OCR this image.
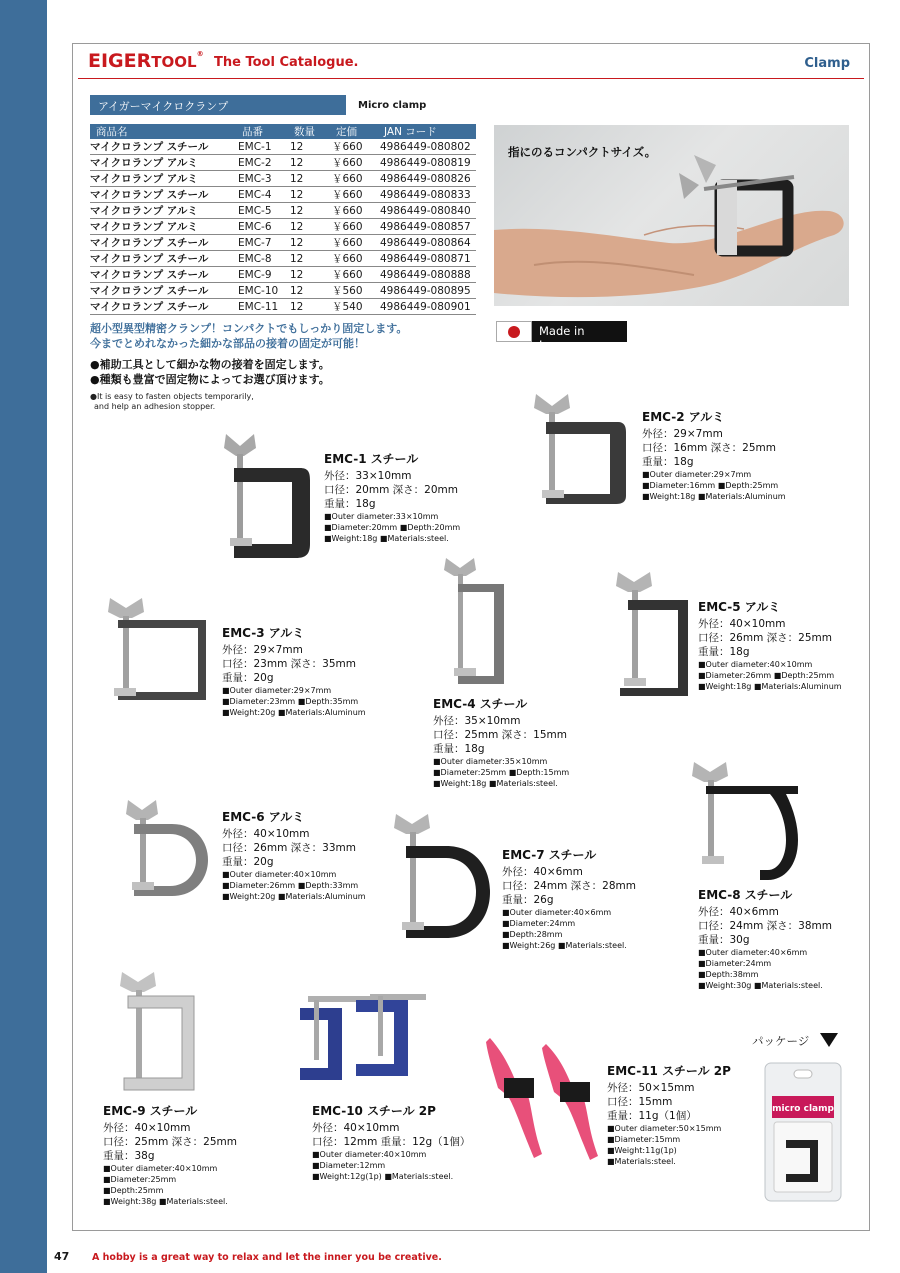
EIGERTOOL®
The Tool Catalogue.	Clamp
アイガーマイクロクランプ	Micro clamp
商品名	品番	数量	定価	JAN コード
マイクロランプ スチール	EMC-1	12	￥660	4986449-080802
マイクロランプ アルミ	EMC-2	12	￥660	4986449-080819
マイクロランプ アルミ	EMC-3	12	￥660	4986449-080826
マイクロランプ スチール	EMC-4	12	￥660	4986449-080833
マイクロランプ アルミ	EMC-5	12	￥660	4986449-080840
マイクロランプ アルミ	EMC-6	12	￥660	4986449-080857
マイクロランプ スチール	EMC-7	12	￥660	4986449-080864
マイクロランプ スチール	EMC-8	12	￥660	4986449-080871
マイクロランプ スチール	EMC-9	12	￥660	4986449-080888
マイクロランプ スチール	EMC-10	12	￥560	4986449-080895
マイクロランプ スチール	EMC-11	12	￥540	4986449-080901
指にのるコンパクトサイズ。
超小型異型精密クランプ！コンパクトでもしっかり固定します。
今までとめれなかった細かな部品の接着の固定が可能！
●補助工具として細かな物の接着を固定します。
●種類も豊富で固定物によってお選び頂けます。
●It is easy to fasten objects temporarily,
and help an adhesion stopper.
Made in Japan.
EMC-1 スチール
外径：33×10mm
口径：20mm 深さ：20mm
重量：18g
■Outer diameter:33×10mm
■Diameter:20mm ■Depth:20mm
■Weight:18g ■Materials:steel.
EMC-2 アルミ
外径：29×7mm
口径：16mm 深さ：25mm
重量：18g
■Outer diameter:29×7mm
■Diameter:16mm ■Depth:25mm
■Weight:18g ■Materials:Aluminum
EMC-3 アルミ
外径：29×7mm
口径：23mm 深さ：35mm
重量：20g
■Outer diameter:29×7mm
■Diameter:23mm ■Depth:35mm
■Weight:20g ■Materials:Aluminum
EMC-4 スチール
外径：35×10mm
口径：25mm 深さ：15mm
重量：18g
■Outer diameter:35×10mm
■Diameter:25mm ■Depth:15mm
■Weight:18g ■Materials:steel.
EMC-5 アルミ
外径：40×10mm
口径：26mm 深さ：25mm
重量：18g
■Outer diameter:40×10mm
■Diameter:26mm ■Depth:25mm
■Weight:18g ■Materials:Aluminum
EMC-6 アルミ
外径：40×10mm
口径：26mm 深さ：33mm
重量：20g
■Outer diameter:40×10mm
■Diameter:26mm ■Depth:33mm
■Weight:20g ■Materials:Aluminum
EMC-7 スチール
外径：40×6mm
口径：24mm 深さ：28mm
重量：26g
■Outer diameter:40×6mm
■Diameter:24mm
■Depth:28mm
■Weight:26g ■Materials:steel.
EMC-8 スチール
外径：40×6mm
口径：24mm 深さ：38mm
重量：30g
■Outer diameter:40×6mm
■Diameter:24mm
■Depth:38mm
■Weight:30g ■Materials:steel.
EMC-9 スチール
外径：40×10mm
口径：25mm 深さ：25mm
重量：38g
■Outer diameter:40×10mm
■Diameter:25mm
■Depth:25mm
■Weight:38g ■Materials:steel.
EMC-10 スチール 2P
外径：40×10mm
口径：12mm 重量：12g（1個）
■Outer diameter:40×10mm
■Diameter:12mm
■Weight:12g(1p) ■Materials:steel.
EMC-11 スチール 2P
外径：50×15mm
口径：15mm
重量：11g（1個）
■Outer diameter:50×15mm
■Diameter:15mm
■Weight:11g(1p)
■Materials:steel.
パッケージ
micro clamp
47 A hobby is a great way to relax and let the inner you be creative.
